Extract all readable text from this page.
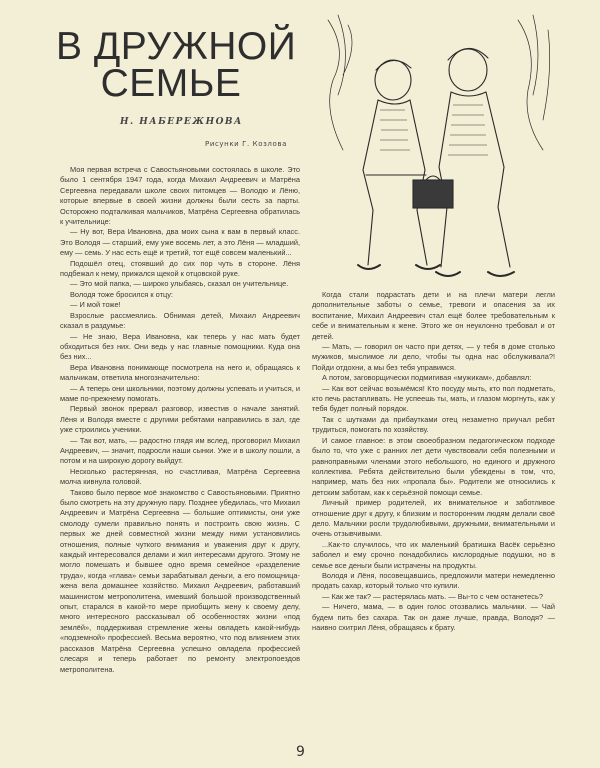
В ДРУЖНОЙ
СЕМЬЕ
Н. НАБЕРЕЖНОВА
Рисунки Г. Козлова

Моя первая встреча с Савостьяновыми состоялась в школе. Это было 1 сентября 1947 года, когда Михаил Андреевич и Матрёна Сергеевна передавали школе своих питомцев — Володю и Лёню, которые впервые в своей жизни должны были сесть за парты. Осторожно подталкивая мальчиков, Матрёна Сергеевна обратилась к учительнице:

— Ну вот, Вера Ивановна, два моих сына к вам в первый класс. Это Володя — старший, ему уже восемь лет, а это Лёня — младший, ему — семь. У нас есть ещё и третий, тот ещё совсем маленький...

Подошёл отец, стоявший до сих пор чуть в стороне. Лёня подбежал к нему, прижался щекой к отцовской руке.

— Это мой папка, — широко улыбаясь, сказал он учительнице.

Володя тоже бросился к отцу:

— И мой тоже!

Взрослые рассмеялись. Обнимая детей, Михаил Андреевич сказал в раздумье:

— Не знаю, Вера Ивановна, как теперь у нас мать будет обходиться без них. Они ведь у нас главные помощники. Куда она без них...

Вера Ивановна понимающе посмотрела на него и, обращаясь к мальчикам, ответила многозначительно:

— А теперь они школьники, поэтому должны успевать и учиться, и маме по-прежнему помогать.

Первый звонок прервал разговор, известив о начале занятий. Лёня и Володя вместе с другими ребятами направились в зал, где уже строились ученики.

— Так вот, мать, — радостно глядя им вслед, проговорил Михаил Андреевич, — значит, подросли наши сынки. Уже и в школу пошли, а потом и на широкую дорогу выйдут.

Несколько растерянная, но счастливая, Матрёна Сергеевна молча кивнула головой.

Таково было первое моё знакомство с Савостьяновыми. Приятно было смотреть на эту дружную пару. Позднее убедилась, что Михаил Андреевич и Матрёна Сергеевна — большие оптимисты, они уже смолоду сумели правильно понять и построить свою жизнь. С первых же дней совместной жизни между ними установились отношения, полные чуткого внимания и уважения друг к другу, каждый интересовался делами и жил интересами другого. Этому не могло помешать и бывшее одно время семейное «разделение труда», когда «глава» семьи зарабатывал деньги, а его помощница-жена вела домашнее хозяйство. Михаил Андреевич, работавший машинистом метрополитена, имевший большой производственный опыт, старался в какой-то мере приобщить жену к своему делу, много интересного рассказывал об особенностях жизни «под землёй», поддерживая стремление жены овладеть какой-нибудь «подземной» профессией. Весьма вероятно, что под влиянием этих рассказов Матрёна Сергеевна успешно овладела профессией слесаря и теперь работает по ремонту электропоездов метрополитена.

Когда стали подрастать дети и на плечи матери легли дополнительные заботы о семье, тревоги и опасения за их воспитание, Михаил Андреевич стал ещё более требовательным к себе и внимательным к жене. Этого же он неуклонно требовал и от детей.

— Мать, — говорил он часто при детях, — у тебя в доме столько мужиков, мыслимое ли дело, чтобы ты одна нас обслуживала?! Пойди отдохни, а мы без тебя управимся.

А потом, заговорщически подмигивая «мужикам», добавлял:

— Как вот сейчас возьмёмся! Кто посуду мыть, кто пол подметать, кто печь растапливать. Не успеешь ты, мать, и глазом моргнуть, как у тебя будет полный порядок.

Так с шутками да прибаутками отец незаметно приучал ребят трудиться, помогать по хозяйству.

И самое главное: в этом своеобразном педагогическом подходе было то, что уже с ранних лет дети чувствовали себя полезными и равноправными членами этого небольшого, но единого и дружного коллектива. Ребята действительно были убеждены в том, что, например, мать без них «пропала бы». Родители же относились к детским заботам, как к серьёзной помощи семье.

Личный пример родителей, их внимательное и заботливое отношение друг к другу, к близким и посторонним людям делали своё дело. Мальчики росли трудолюбивыми, дружными, внимательными и очень отзывчивыми.

...Как-то случилось, что их маленький братишка Васёк серьёзно заболел и ему срочно понадобились кислородные подушки, но в семье все деньги были истрачены на продукты.

Володя и Лёня, посовещавшись, предложили матери немедленно продать сахар, который только что купили.

— Как же так? — растерялась мать. — Вы-то с чем останетесь?

— Ничего, мама, — в один голос отозвались мальчики. — Чай будем пить без сахара. Так он даже лучше, правда, Володя? — наивно схитрил Лёня, обращаясь к брату.

9
